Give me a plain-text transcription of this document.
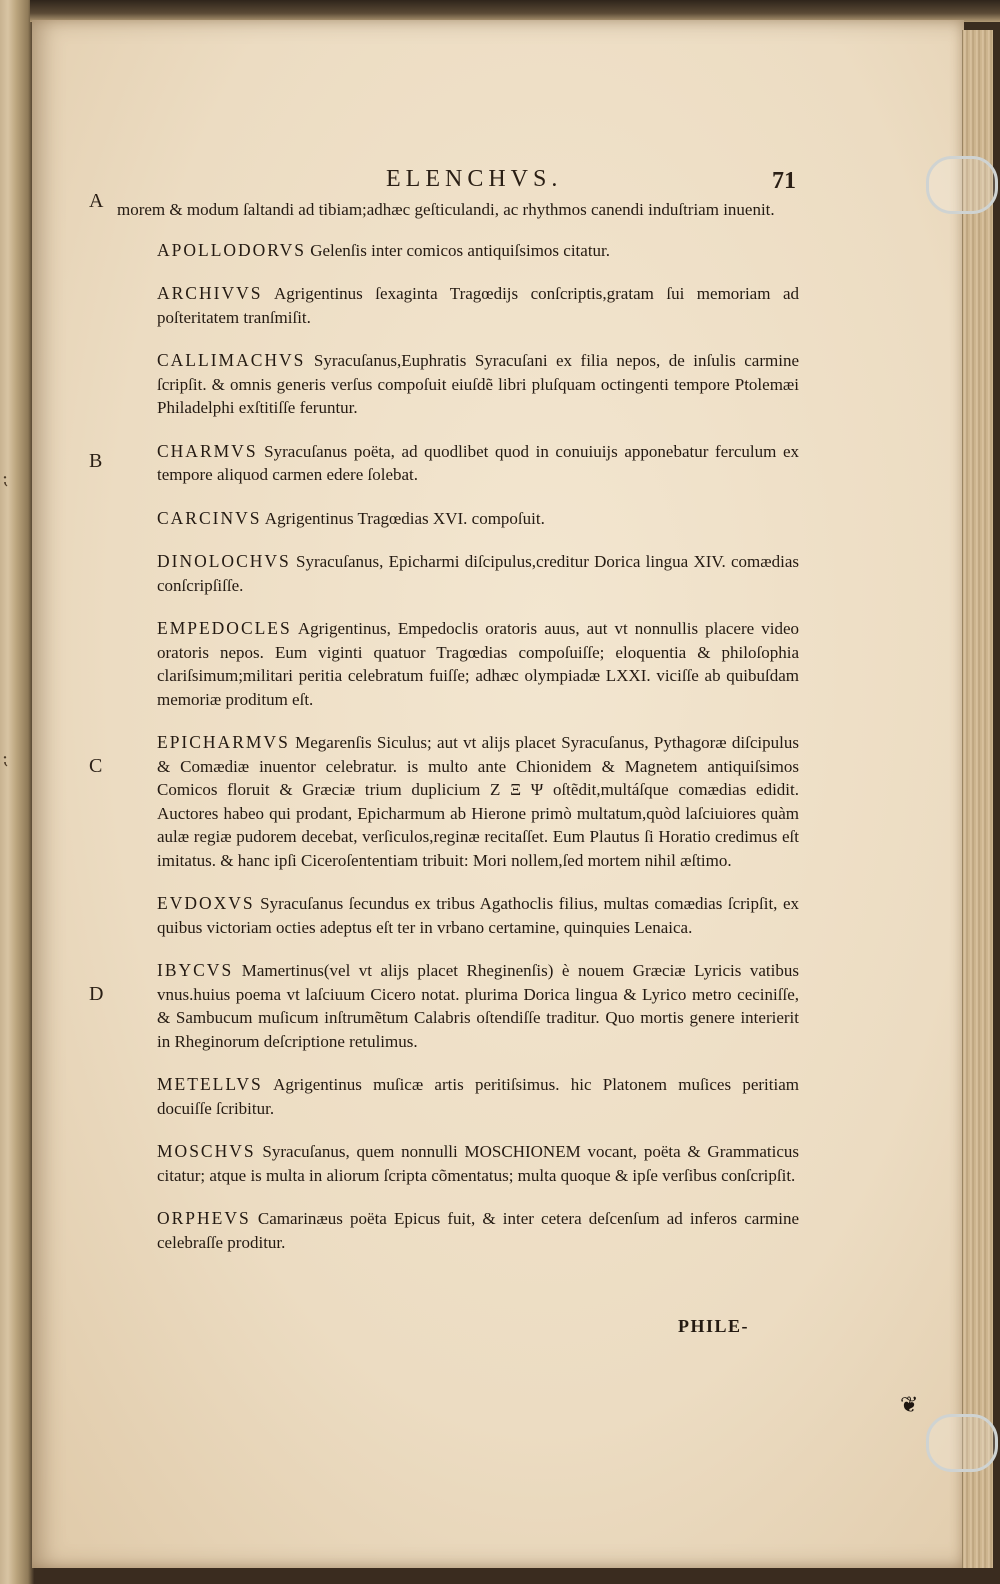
⁏
⁏
ELENCHVS.	71

A morem & modum ſaltandi ad tibiam;adhæc geſticulandi, ac rhythmos canendi induſtriam inuenit.

APOLLODORVS Gelenſis inter comicos antiquiſsimos citatur.

ARCHIVVS Agrigentinus ſexaginta Tragœdijs conſcriptis,gratam ſui memoriam ad poſteritatem tranſmiſit.

CALLIMACHVS Syracuſanus,Euphratis Syracuſani ex filia nepos, de inſulis carmine ſcripſit. & omnis generis verſus compoſuit eiuſdẽ libri pluſquam octingenti tempore Ptolemæi Philadelphi exſtitiſſe feruntur.

B	CHARMVS Syracuſanus poëta, ad quodlibet quod in conuiuijs apponebatur ferculum ex tempore aliquod carmen edere ſolebat.

CARCINVS Agrigentinus Tragœdias XVI. compoſuit.

DINOLOCHVS Syracuſanus, Epicharmi diſcipulus,creditur Dorica lingua XIV. comædias conſcripſiſſe.

EMPEDOCLES Agrigentinus, Empedoclis oratoris auus, aut vt nonnullis placere video oratoris nepos. Eum viginti quatuor Tragœdias compoſuiſſe; eloquentia & philoſophia clariſsimum;militari peritia celebratum fuiſſe; adhæc olympiadæ LXXI. viciſſe ab quibuſdam memoriæ proditum eſt.

C
EPICHARMVS Megarenſis Siculus; aut vt alijs placet Syracuſanus, Pythagoræ diſcipulus & Comædiæ inuentor celebratur. is multo ante Chionidem & Magnetem antiquiſsimos Comicos floruit & Græciæ trium duplicium Z Ξ Ψ oſtẽdit,multáſque comædias edidit. Auctores habeo qui prodant, Epicharmum ab Hierone primò multatum,quòd laſciuiores quàm aulæ regiæ pudorem decebat, verſiculos,reginæ recitaſſet. Eum Plautus ſi Horatio credimus eſt imitatus. & hanc ipſi Ciceroſententiam tribuit: Mori nollem,ſed mortem nihil æſtimo.

EVDOXVS Syracuſanus ſecundus ex tribus Agathoclis filius, multas comædias ſcripſit, ex quibus victoriam octies adeptus eſt ter in vrbano certamine, quinquies Lenaica.

D
IBYCVS Mamertinus(vel vt alijs placet Rheginenſis) è nouem Græciæ Lyricis vatibus vnus.huius poema vt laſciuum Cicero notat. plurima Dorica lingua & Lyrico metro ceciniſſe, & Sambucum muſicum inſtrumẽtum Calabris oſtendiſſe traditur. Quo mortis genere interierit in Rheginorum deſcriptione retulimus.

METELLVS Agrigentinus muſicæ artis peritiſsimus. hic Platonem muſices peritiam docuiſſe ſcribitur.

MOSCHVS Syracuſanus, quem nonnulli MOSCHIONEM vocant, poëta & Grammaticus citatur; atque is multa in aliorum ſcripta cõmentatus; multa quoque & ipſe verſibus conſcripſit.

ORPHEVS Camarinæus poëta Epicus fuit, & inter cetera deſcenſum ad inferos carmine celebraſſe proditur.

PHILE-
❦
